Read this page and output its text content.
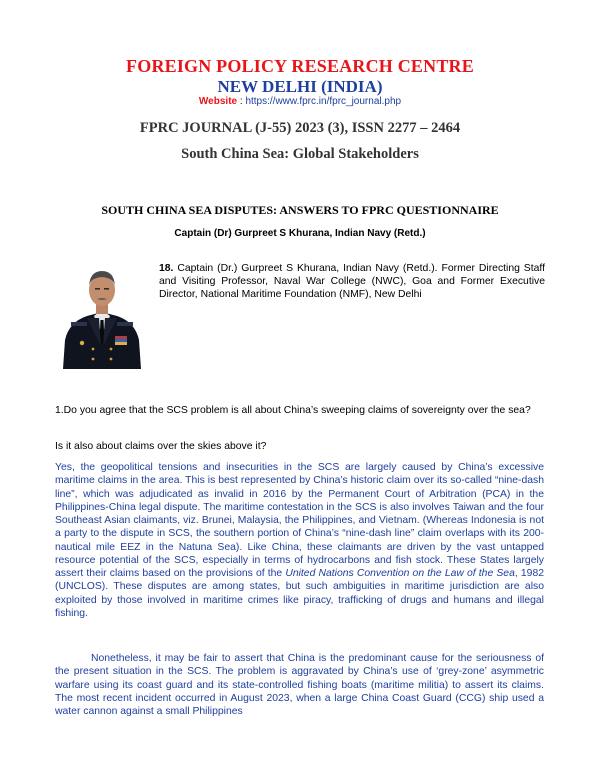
FOREIGN POLICY RESEARCH CENTRE
NEW DELHI (INDIA)
Website : https://www.fprc.in/fprc_journal.php
FPRC JOURNAL (J-55) 2023 (3), ISSN 2277 – 2464
South China Sea: Global Stakeholders
SOUTH CHINA SEA DISPUTES: ANSWERS TO FPRC QUESTIONNAIRE
Captain (Dr) Gurpreet S Khurana, Indian Navy (Retd.)
18. Captain (Dr.) Gurpreet S Khurana, Indian Navy (Retd.). Former Directing Staff and Visiting Professor, Naval War College (NWC), Goa and Former Executive Director, National Maritime Foundation (NMF), New Delhi
1.Do you agree that the SCS problem is all about China’s sweeping claims of sovereignty over the sea?
Is it also about claims over the skies above it?
Yes, the geopolitical tensions and insecurities in the SCS are largely caused by China’s excessive maritime claims in the area. This is best represented by China’s historic claim over its so-called “nine-dash line”, which was adjudicated as invalid in 2016 by the Permanent Court of Arbitration (PCA) in the Philippines-China legal dispute. The maritime contestation in the SCS is also involves Taiwan and the four Southeast Asian claimants, viz. Brunei, Malaysia, the Philippines, and Vietnam. (Whereas Indonesia is not a party to the dispute in SCS, the southern portion of China’s “nine-dash line” claim overlaps with its 200-nautical mile EEZ in the Natuna Sea). Like China, these claimants are driven by the vast untapped resource potential of the SCS, especially in terms of hydrocarbons and fish stock. These States largely assert their claims based on the provisions of the United Nations Convention on the Law of the Sea, 1982 (UNCLOS). These disputes are among states, but such ambiguities in maritime jurisdiction are also exploited by those involved in maritime crimes like piracy, trafficking of drugs and humans and illegal fishing.
Nonetheless, it may be fair to assert that China is the predominant cause for the seriousness of the present situation in the SCS. The problem is aggravated by China’s use of ‘grey-zone’ asymmetric warfare using its coast guard and its state-controlled fishing boats (maritime militia) to assert its claims. The most recent incident occurred in August 2023, when a large China Coast Guard (CCG) ship used a water cannon against a small Philippines
